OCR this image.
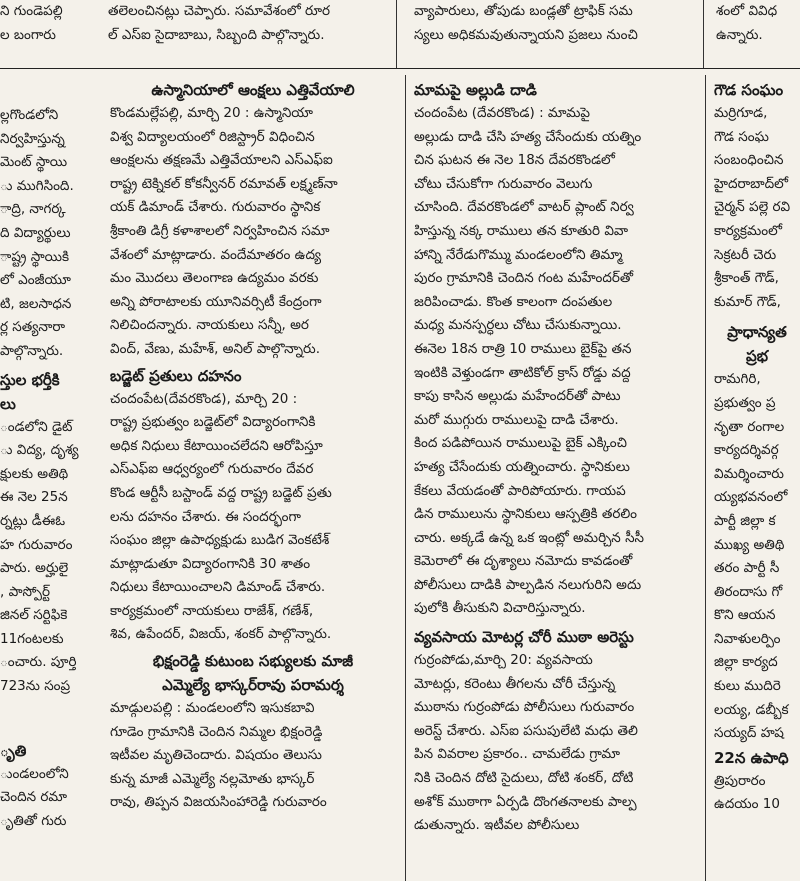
ని గుండెపల్లి
ల బంగారు
తలెలంచినట్లు చెప్పారు. సమావేశంలో రూర
ల్ ఎస్ఐ సైదాబాబు, సిబ్బంది పాల్గొన్నారు.
వ్యాపారులు, తోపుడు బండ్లతో ట్రాఫిక్ సమ
స్యలు అధికమవుతున్నాయని ప్రజలు నుంచి
శంలో వివిధ
ఉన్నారు.
ల్లగొండలోని
నిర్వహిస్తున్న
మెంట్ స్థాయి
ు ముగిసింది.
ాద్రి, నాగర్క
ది విద్యార్థులు
ాష్ట్ర స్థాయికి
లో ఎంజీయూ
టి, జలసాధన
ర్ల సత్యనారా
పాల్గొన్నారు.
స్తుల భర్తీకి
లు
ండలోని డైట్
ు విద్య, దృశ్య
క్షులకు అతిథి
ఈ నెల 25న
ర్నట్లు డీఈఓ
హ గురువారం
పారు. అర్హులై
, పాస్పోర్ట్
జినల్ సర్టిఫికె
11గంటలకు
ంచారు. పూర్తి
723ను సంప్ర
ృతి
ుండలంలోని
చెందిన రమా
ృతితో గురు
ఉస్మానియాలో ఆంక్షలు ఎత్తివేయాలి
కొండమల్లేపల్లి, మార్చి 20 : ఉస్మానియా
విశ్వ విద్యాలయంలో రిజిస్ట్రార్ విధించిన
ఆంక్షలను తక్షణమే ఎత్తివేయాలని ఎస్ఎఫ్ఐ
రాష్ట్ర టెక్నికల్ కోకన్వీనర్ రమావత్ లక్ష్మణ్‌నా
యక్ డిమాండ్ చేశారు. గురువారం స్థానిక
శ్రీకాంతి డిగ్రీ కళాశాలలో నిర్వహించిన సమా
వేశంలో మాట్లాడారు. వందేమాతరం ఉద్య
మం మొదలు తెలంగాణ ఉద్యమం వరకు
అన్ని పోరాటాలకు యూనివర్సిటీ కేంద్రంగా
నిలిచిందన్నారు. నాయకులు సన్నీ, అర
వింద్, వేణు, మహేశ్, అనిల్ పాల్గొన్నారు.
బడ్జెట్ ప్రతులు దహనం
చందంపేట(దేవరకొండ), మార్చి 20 :
రాష్ట్ర ప్రభుత్వం బడ్జెట్‌లో విద్యారంగానికి
అధిక నిధులు కేటాయించలేదని ఆరోపిస్తూ
ఎస్ఎఫ్ఐ ఆధ్వర్యంలో గురువారం దేవర
కొండ ఆర్టీసీ బస్టాండ్ వద్ద రాష్ట్ర బడ్జెట్ ప్రతు
లను దహనం చేశారు. ఈ సందర్భంగా
సంఘం జిల్లా ఉపాధ్యక్షుడు బుడిగ వెంకటేశ్
మాట్లాడుతూ విద్యారంగానికి 30 శాతం
నిధులు కేటాయించాలని డిమాండ్ చేశారు.
కార్యక్రమంలో నాయకులు రాజేశ్, గణేశ్,
శివ, ఉపేందర్, విజయ్, శంకర్ పాల్గొన్నారు.
భిక్షంరెడ్డి కుటుంబ సభ్యులకు మాజీ
ఎమ్మెల్యే భాస్కర్‌రావు పరామర్శ
మాడ్గులపల్లి : మండలంలోని ఇసుకబావి
గూడెం గ్రామానికి చెందిన నిమ్మల భిక్షంరెడ్డి
ఇటీవల మృతిచెందారు. విషయం తెలుసు
కున్న మాజీ ఎమ్మెల్యే నల్లమోతు భాస్కర్
రావు, తిప్పన విజయసింహారెడ్డి గురువారం
మామపై అల్లుడి దాడి
చందంపేట (దేవరకొండ) : మామపై
అల్లుడు దాడి చేసి హత్య చేసేందుకు యత్నిం
చిన ఘటన ఈ నెల 18న దేవరకొండలో
చోటు చేసుకోగా గురువారం వెలుగు
చూసింది. దేవరకొండలో వాటర్ ప్లాంట్ నిర్వ
హిస్తున్న నక్క రాములు తన కూతురి వివా
హాన్ని నేరేడుగొమ్ము మండలంలోని తిమ్మా
పురం గ్రామానికి చెందిన గంట మహేందర్‌తో
జరిపించాడు. కొంత కాలంగా దంపతుల
మధ్య మనస్పర్ధలు చోటు చేసుకున్నాయి.
ఈనెల 18న రాత్రి 10 రాములు బైక్‌పై తన
ఇంటికి వెళ్తుండగా తాటికోల్ క్రాస్ రోడ్డు వద్ద
కాపు కాసిన అల్లుడు మహేందర్‌తో పాటు
మరో ముగ్గురు రాములుపై దాడి చేశారు.
కింద పడిపోయిన రాములుపై బైక్ ఎక్కించి
హత్య చేసేందుకు యత్నించారు. స్థానికులు
కేకలు వేయడంతో పారిపోయారు. గాయప
డిన రాములును స్థానికులు ఆస్పత్రికి తరలిం
చారు. అక్కడే ఉన్న ఒక ఇంట్లో అమర్చిన సీసీ
కెమెరాలో ఈ దృశ్యాలు నమోదు కావడంతో
పోలీసులు దాడికి పాల్పడిన నలుగురిని అదు
పులోకి తీసుకుని విచారిస్తున్నారు.
వ్యవసాయ మోటర్ల చోరీ ముఠా అరెస్టు
గుర్రంపోడు,మార్చి 20: వ్యవసాయ
మోటర్లు, కరెంటు తీగలను చోరీ చేస్తున్న
ముఠాను గుర్రంపోడు పోలీసులు గురువారం
అరెస్ట్ చేశారు. ఎస్ఐ పసుపులేటి మధు తెలి
పిన వివరాల ప్రకారం.. చామలేడు గ్రామా
నికి చెందిన దోటి సైదులు, దోటి శంకర్, దోటి
అశోక్ ముఠాగా ఏర్పడి దొంగతనాలకు పాల్ప
డుతున్నారు. ఇటీవల పోలీసులు
గౌడ సంఘం
మర్రిగూడ,
గౌడ సంఘ
సంబంధించిన
హైదరాబాద్‌లో
చైర్మన్ పల్లె రవి
కార్యక్రమంలో
సెక్రటరీ చెరు
శ్రీకాంత్ గౌడ్,
కుమార్ గౌడ్,
ప్రాధాన్యత
ప్రభ
రామగిరి,
ప్రభుత్వం ప్ర
నృతా రంగాల
కార్యదర్శివర్గ
విమర్శించారు
య్యభవనంలో
పార్టీ జిల్లా క
ముఖ్య అతిథి
తరం పార్టీ సీ
తిరందాసు గో
కొని ఆయన
నివాళులర్పిం
జిల్లా కార్యద
కులు ముదిరె
లయ్య, డబ్బీక
సయ్యద్ హష
22న ఉపాధి
త్రిపురారం
ఉదయం 10
